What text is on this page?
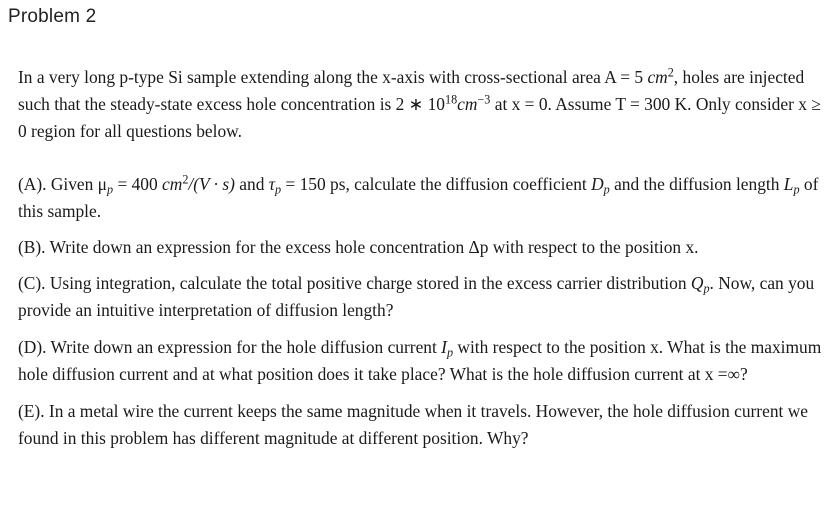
Problem 2

In a very long p-type Si sample extending along the x-axis with cross-sectional area A = 5 $cm^2$, holes are injected such that the steady-state excess hole concentration is 2 ∗ $10^{18}cm^{-3}$ at x = 0. Assume T = 300 K. Only consider x ≥ 0 region for all questions below.

(A). Given $\mu_p = 400$ $cm^2/(V \cdot s)$ and $\tau_p = 150$ ps, calculate the diffusion coefficient $D_p$ and the diffusion length $L_p$ of this sample.

(B). Write down an expression for the excess hole concentration Δp with respect to the position x.

(C). Using integration, calculate the total positive charge stored in the excess carrier distribution $Q_p$. Now, can you provide an intuitive interpretation of diffusion length?

(D). Write down an expression for the hole diffusion current $I_p$ with respect to the position x. What is the maximum hole diffusion current and at what position does it take place? What is the hole diffusion current at x =∞?

(E). In a metal wire the current keeps the same magnitude when it travels. However, the hole diffusion current we found in this problem has different magnitude at different position. Why?
